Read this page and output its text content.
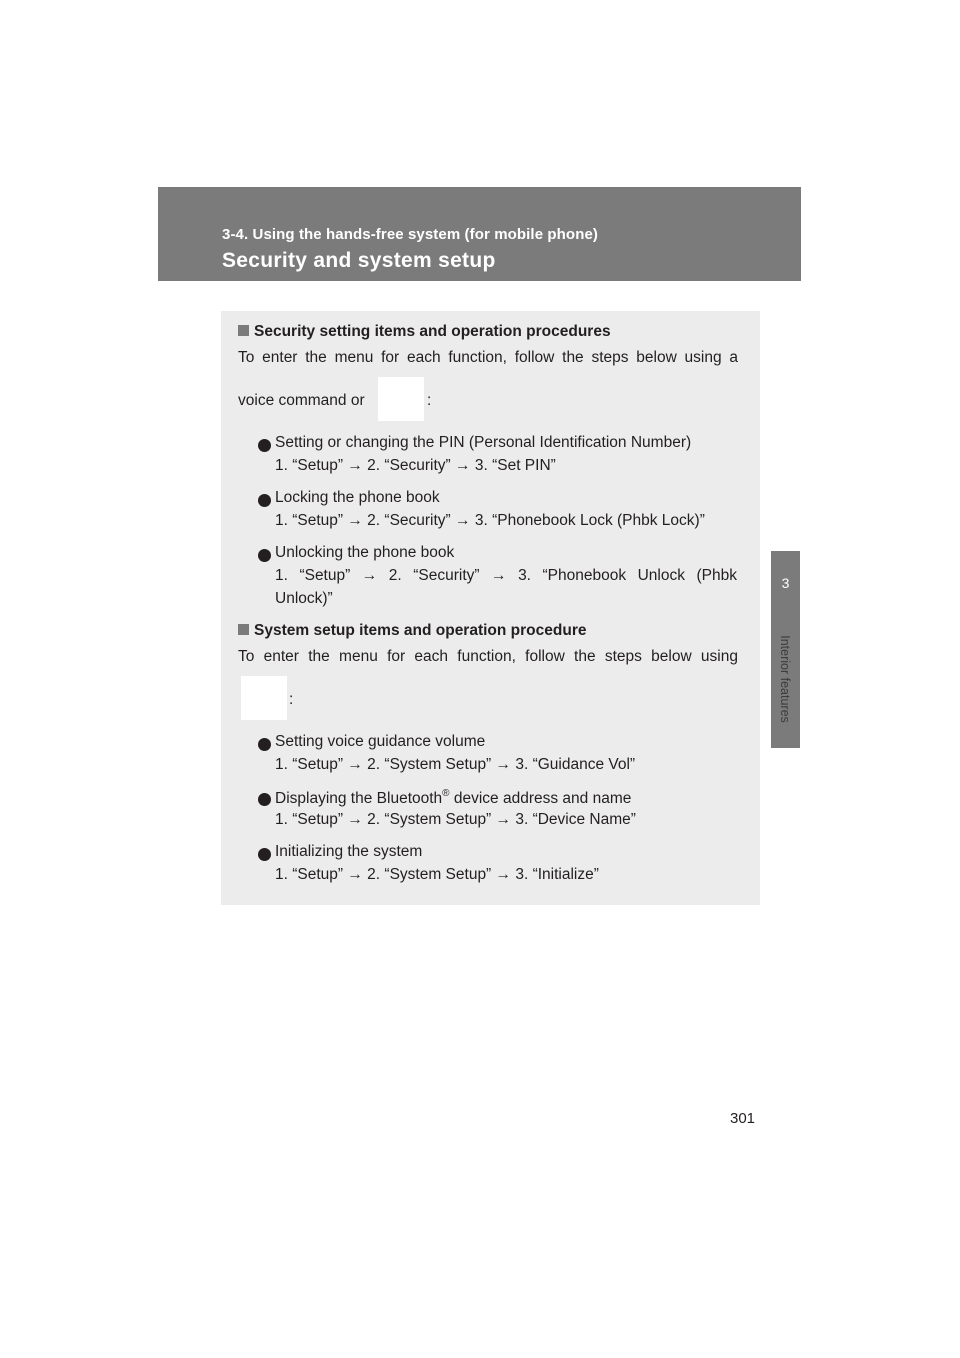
3-4. Using the hands-free system (for mobile phone)
Security and system setup
3
Interior features
Security setting items and operation procedures
To enter the menu for each function, follow the steps below using a
voice command or	:
Setting or changing the PIN (Personal Identification Number)
1. “Setup” → 2. “Security” → 3. “Set PIN”
Locking the phone book
1. “Setup” → 2. “Security” → 3. “Phonebook Lock (Phbk Lock)”
Unlocking the phone book
1. “Setup” → 2. “Security” → 3. “Phonebook Unlock (Phbk
Unlock)”
System setup items and operation procedure
To enter the menu for each function, follow the steps below using
:
Setting voice guidance volume
1. “Setup” → 2. “System Setup” → 3. “Guidance Vol”
Displaying the Bluetooth® device address and name
1. “Setup” → 2. “System Setup” → 3. “Device Name”
Initializing the system
1. “Setup” → 2. “System Setup” → 3. “Initialize”
301
